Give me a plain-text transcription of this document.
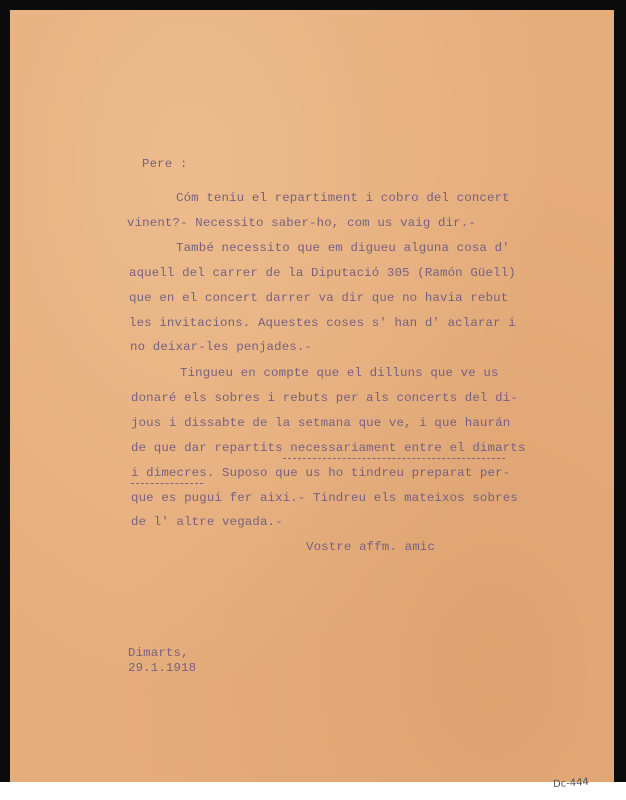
Pere :
Cóm teniu el repartiment i cobro del concert
vinent?- Necessito saber-ho, com us vaig dir.-
També necessito que em digueu alguna cosa d'
aquell del carrer de la Diputació 305 (Ramón Güell)
que en el concert darrer va dir que no havia rebut
les invitacions. Aquestes coses s' han d' aclarar i
no deixar-les penjades.-
Tingueu en compte que el dilluns que ve us
donaré els sobres i rebuts per als concerts del di-
jous i dissabte de la setmana que ve, i que haurán
de que dar repartits necessariament entre el dimarts
i dimecres. Suposo que us ho tindreu preparat per-
que es pugui fer aixi.- Tindreu els mateixos sobres
de l' altre vegada.-
Vostre affm. amic
Dimarts,
29.1.1918
Dc-444
